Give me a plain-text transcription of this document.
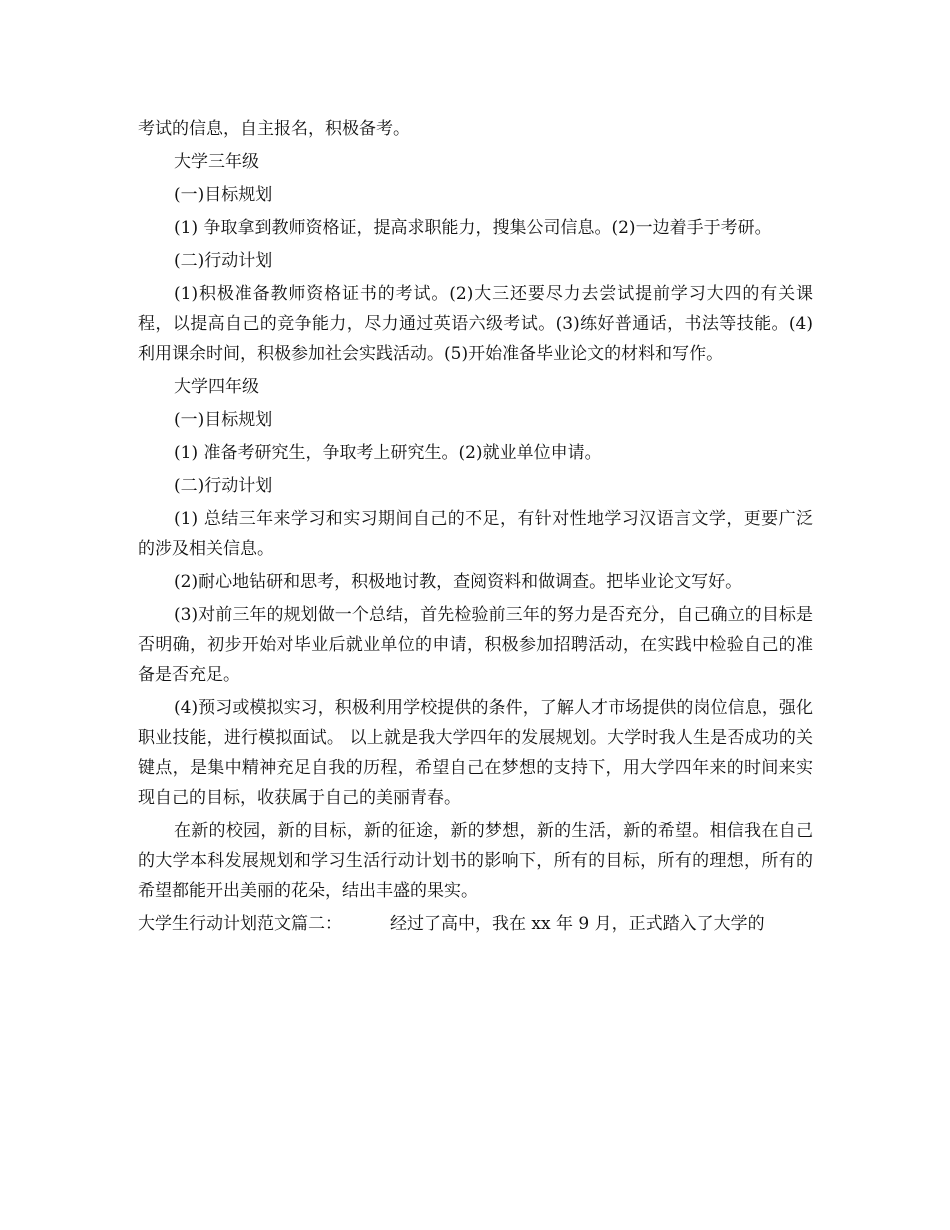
考试的信息，自主报名，积极备考。

大学三年级

(一)目标规划

(1) 争取拿到教师资格证，提高求职能力，搜集公司信息。(2)一边着手于考研。

(二)行动计划

(1)积极准备教师资格证书的考试。(2)大三还要尽力去尝试提前学习大四的有关课程，以提高自己的竞争能力，尽力通过英语六级考试。(3)练好普通话，书法等技能。(4)利用课余时间，积极参加社会实践活动。(5)开始准备毕业论文的材料和写作。

大学四年级

(一)目标规划

(1) 准备考研究生，争取考上研究生。(2)就业单位申请。

(二)行动计划

(1) 总结三年来学习和实习期间自己的不足，有针对性地学习汉语言文学，更要广泛的涉及相关信息。

(2)耐心地钻研和思考，积极地讨教，查阅资料和做调查。把毕业论文写好。

(3)对前三年的规划做一个总结，首先检验前三年的努力是否充分，自己确立的目标是否明确，初步开始对毕业后就业单位的申请，积极参加招聘活动，在实践中检验自己的准备是否充足。

(4)预习或模拟实习，积极利用学校提供的条件，了解人才市场提供的岗位信息，强化职业技能，进行模拟面试。 以上就是我大学四年的发展规划。大学时我人生是否成功的关键点，是集中精神充足自我的历程，希望自己在梦想的支持下，用大学四年来的时间来实现自己的目标，收获属于自己的美丽青春。

在新的校园，新的目标，新的征途，新的梦想，新的生活，新的希望。相信我在自己的大学本科发展规划和学习生活行动计划书的影响下，所有的目标，所有的理想，所有的希望都能开出美丽的花朵，结出丰盛的果实。

大学生行动计划范文篇二：	经过了高中，我在 xx 年 9 月，正式踏入了大学的
